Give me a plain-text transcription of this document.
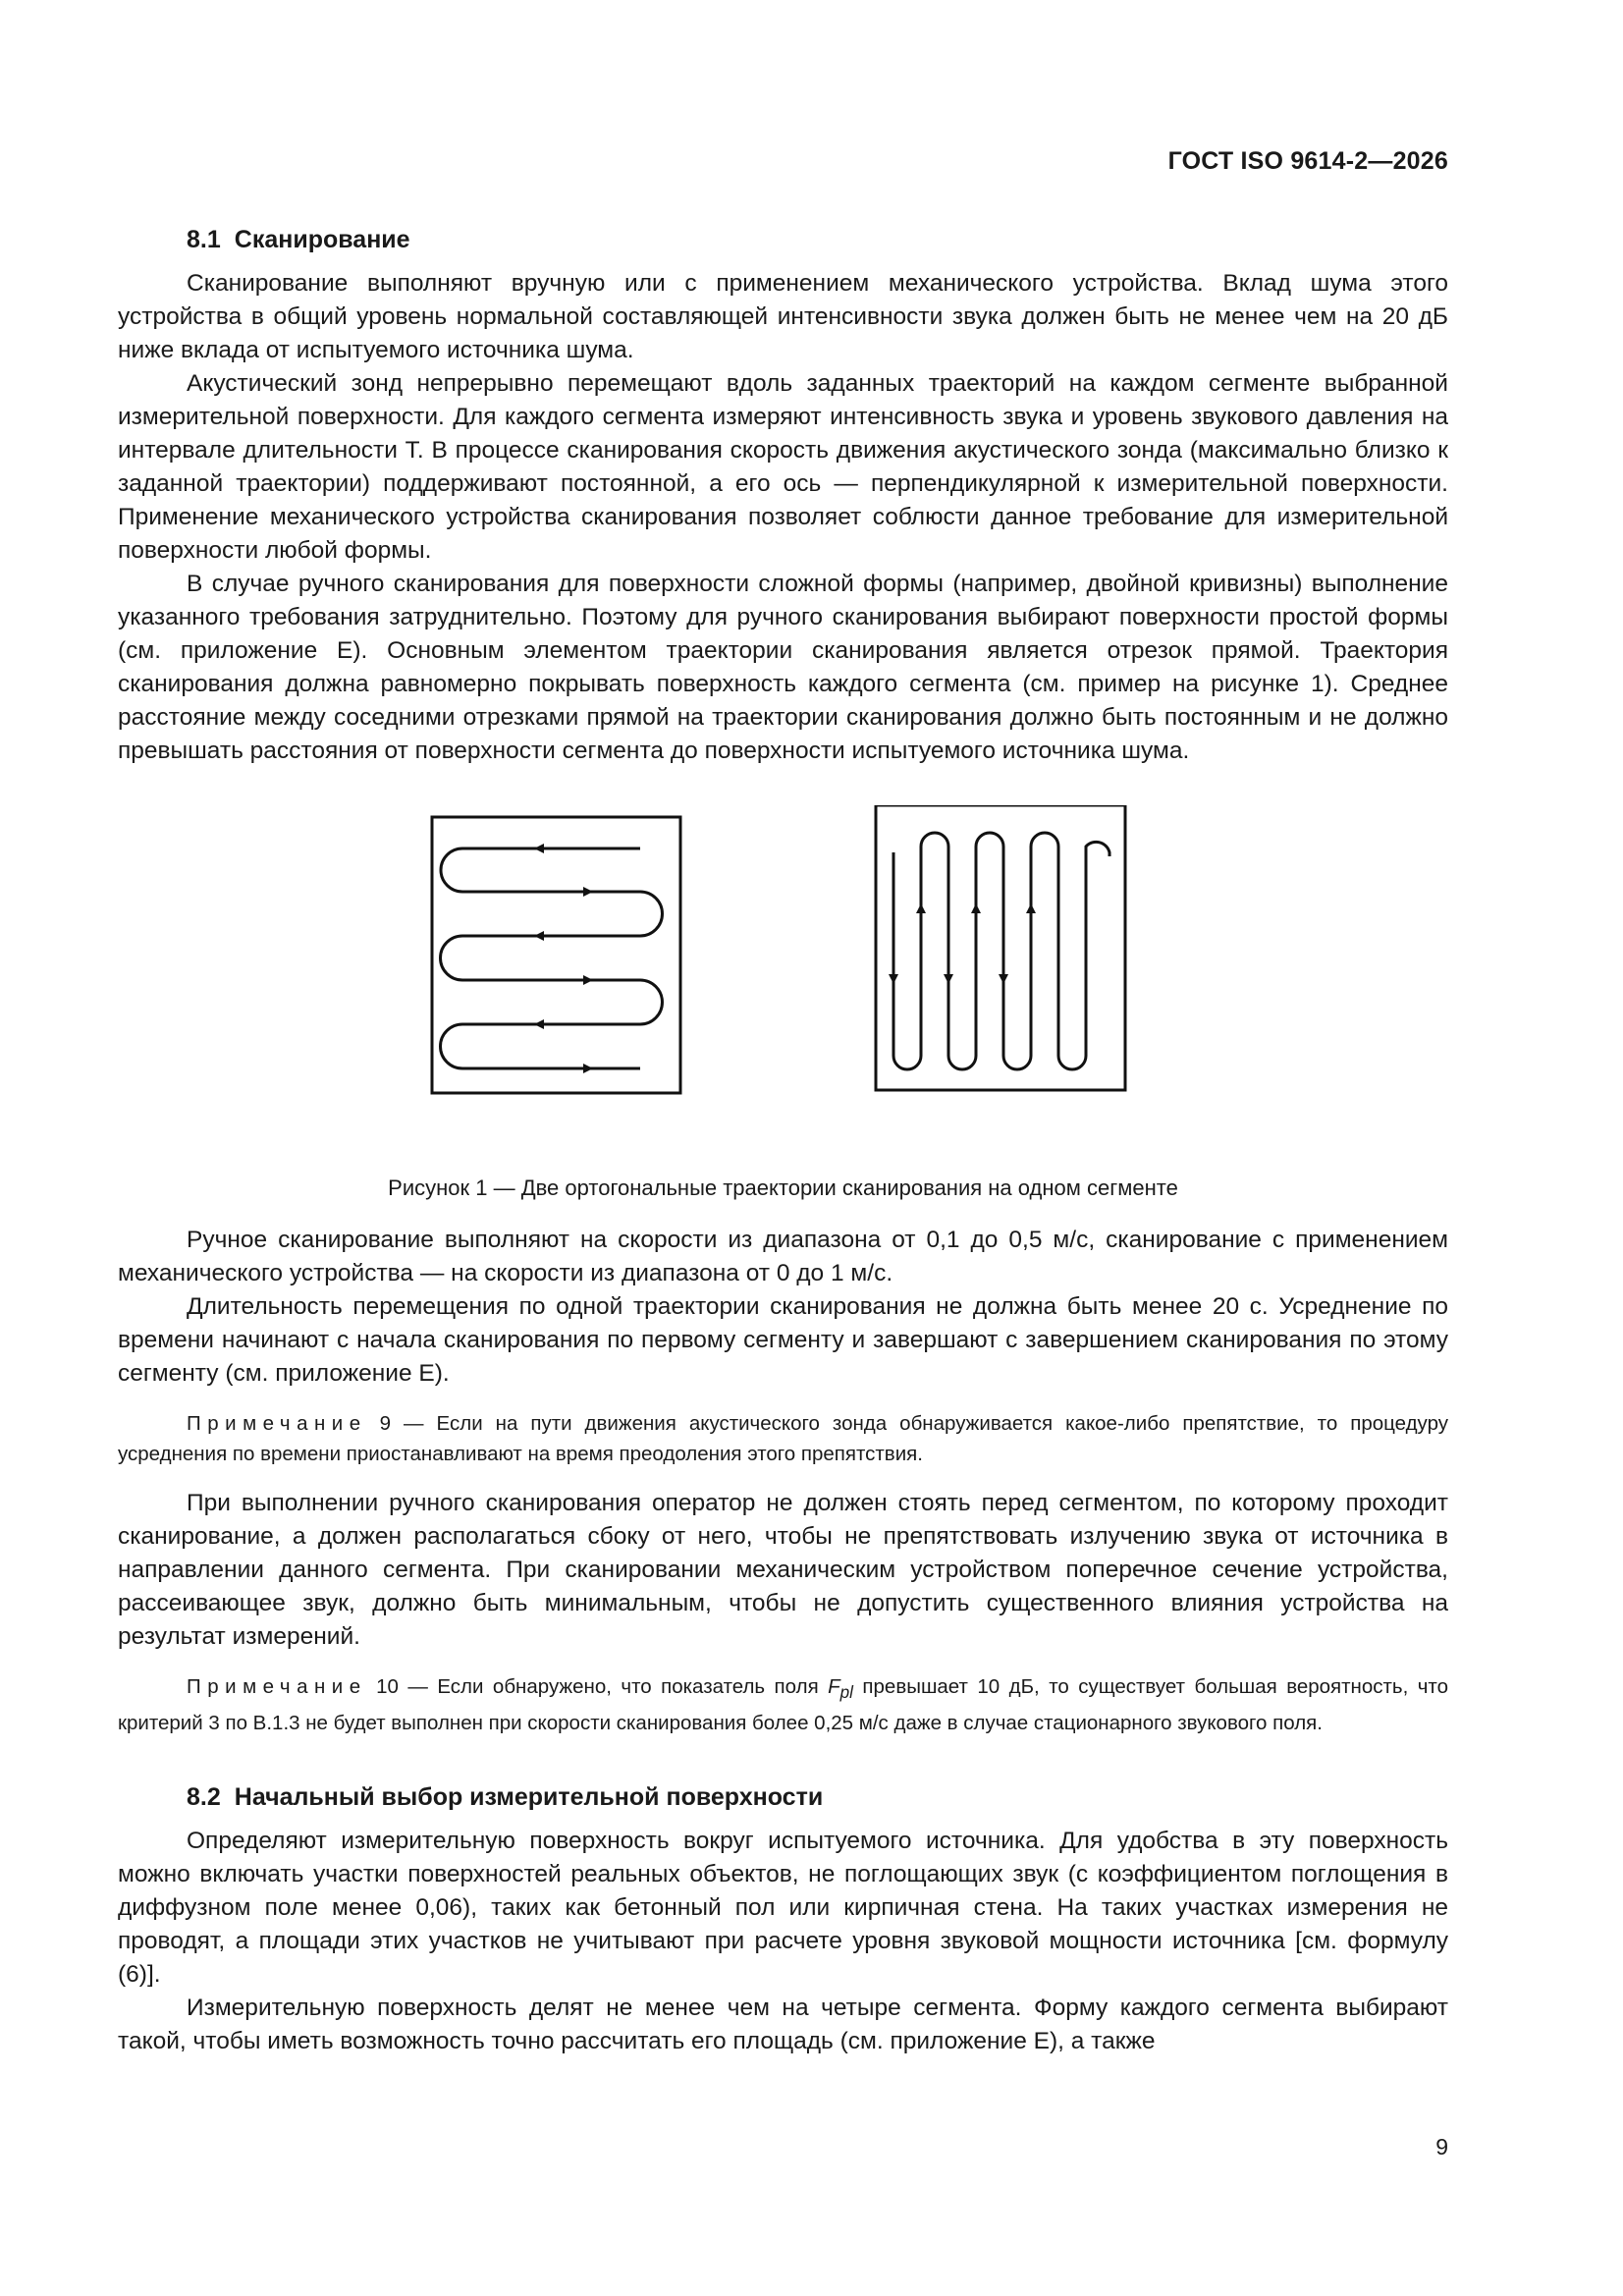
ГОСТ ISO 9614-2—2026
8.1 Сканирование

Сканирование выполняют вручную или с применением механического устройства. Вклад шума этого устройства в общий уровень нормальной составляющей интенсивности звука должен быть не менее чем на 20 дБ ниже вклада от испытуемого источника шума.

Акустический зонд непрерывно перемещают вдоль заданных траекторий на каждом сегменте выбранной измерительной поверхности. Для каждого сегмента измеряют интенсивность звука и уровень звукового давления на интервале длительности T. В процессе сканирования скорость движения акустического зонда (максимально близко к заданной траектории) поддерживают постоянной, а его ось — перпендикулярной к измерительной поверхности. Применение механического устройства сканирования позволяет соблюсти данное требование для измерительной поверхности любой формы.

В случае ручного сканирования для поверхности сложной формы (например, двойной кривизны) выполнение указанного требования затруднительно. Поэтому для ручного сканирования выбирают поверхности простой формы (см. приложение Е). Основным элементом траектории сканирования является отрезок прямой. Траектория сканирования должна равномерно покрывать поверхность каждого сегмента (см. пример на рисунке 1). Среднее расстояние между соседними отрезками прямой на траектории сканирования должно быть постоянным и не должно превышать расстояния от поверхности сегмента до поверхности испытуемого источника шума.

Рисунок 1 — Две ортогональные траектории сканирования на одном сегменте

Ручное сканирование выполняют на скорости из диапазона от 0,1 до 0,5 м/с, сканирование с применением механического устройства — на скорости из диапазона от 0 до 1 м/с.

Длительность перемещения по одной траектории сканирования не должна быть менее 20 с. Усреднение по времени начинают с начала сканирования по первому сегменту и завершают с завершением сканирования по этому сегменту (см. приложение Е).

Примечание 9 — Если на пути движения акустического зонда обнаруживается какое-либо препятствие, то процедуру усреднения по времени приостанавливают на время преодоления этого препятствия.

При выполнении ручного сканирования оператор не должен стоять перед сегментом, по которому проходит сканирование, а должен располагаться сбоку от него, чтобы не препятствовать излучению звука от источника в направлении данного сегмента. При сканировании механическим устройством поперечное сечение устройства, рассеивающее звук, должно быть минимальным, чтобы не допустить существенного влияния устройства на результат измерений.

Примечание 10 — Если обнаружено, что показатель поля $F_{pl}$ превышает 10 дБ, то существует большая вероятность, что критерий 3 по В.1.3 не будет выполнен при скорости сканирования более 0,25 м/с даже в случае стационарного звукового поля.

8.2 Начальный выбор измерительной поверхности

Определяют измерительную поверхность вокруг испытуемого источника. Для удобства в эту поверхность можно включать участки поверхностей реальных объектов, не поглощающих звук (с коэффициентом поглощения в диффузном поле менее 0,06), таких как бетонный пол или кирпичная стена. На таких участках измерения не проводят, а площади этих участков не учитывают при расчете уровня звуковой мощности источника [см. формулу (6)].

Измерительную поверхность делят не менее чем на четыре сегмента. Форму каждого сегмента выбирают такой, чтобы иметь возможность точно рассчитать его площадь (см. приложение Е), а также

9
